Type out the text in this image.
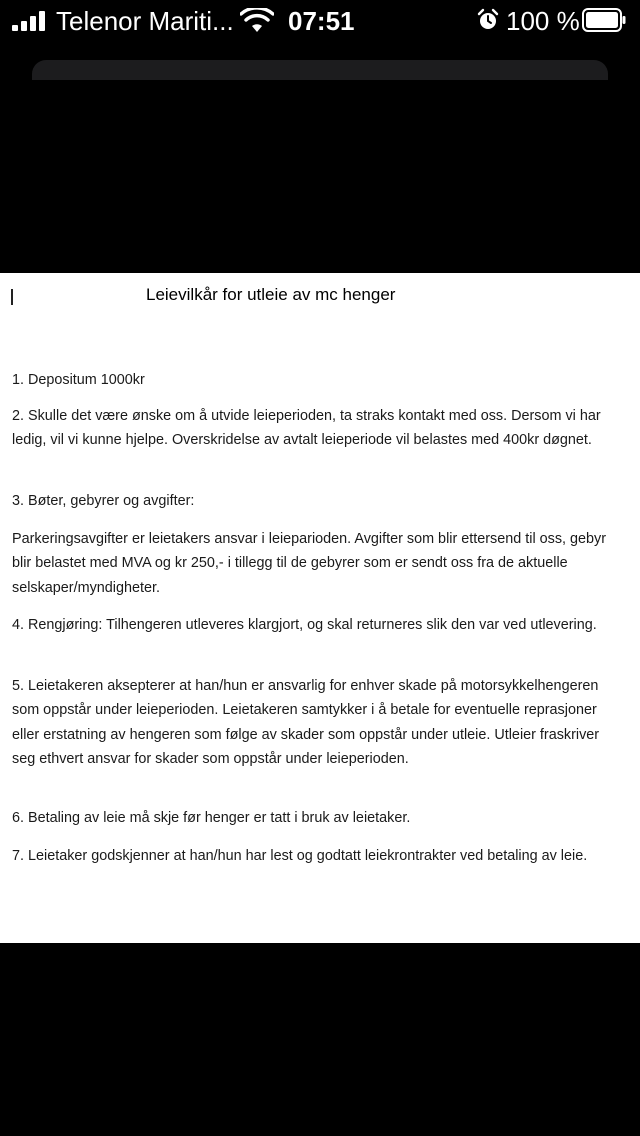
Telenor Mariti... 07:51	100 %
Leievilkår for utleie av mc henger

1. Depositum 1000kr

2. Skulle det være ønske om å utvide leieperioden, ta straks kontakt med oss. Dersom vi har ledig, vil vi kunne hjelpe. Overskridelse av avtalt leieperiode vil belastes med 400kr døgnet.

3. Bøter, gebyrer og avgifter:

Parkeringsavgifter er leietakers ansvar i leieparioden. Avgifter som blir ettersend til oss, gebyr blir belastet med MVA og kr 250,- i tillegg til de gebyrer som er sendt oss fra de aktuelle selskaper/myndigheter.

4. Rengjøring: Tilhengeren utleveres klargjort, og skal returneres slik den var ved utlevering.

5. Leietakeren aksepterer at han/hun er ansvarlig for enhver skade på motorsykkelhengeren som oppstår under leieperioden. Leietakeren samtykker i å betale for eventuelle reprasjoner eller erstatning av hengeren som følge av skader som oppstår under utleie. Utleier fraskriver seg ethvert ansvar for skader som oppstår under leieperioden.

6. Betaling av leie må skje før henger er tatt i bruk av leietaker.

7. Leietaker godskjenner at han/hun har lest og godtatt leiekrontrakter ved betaling av leie.
